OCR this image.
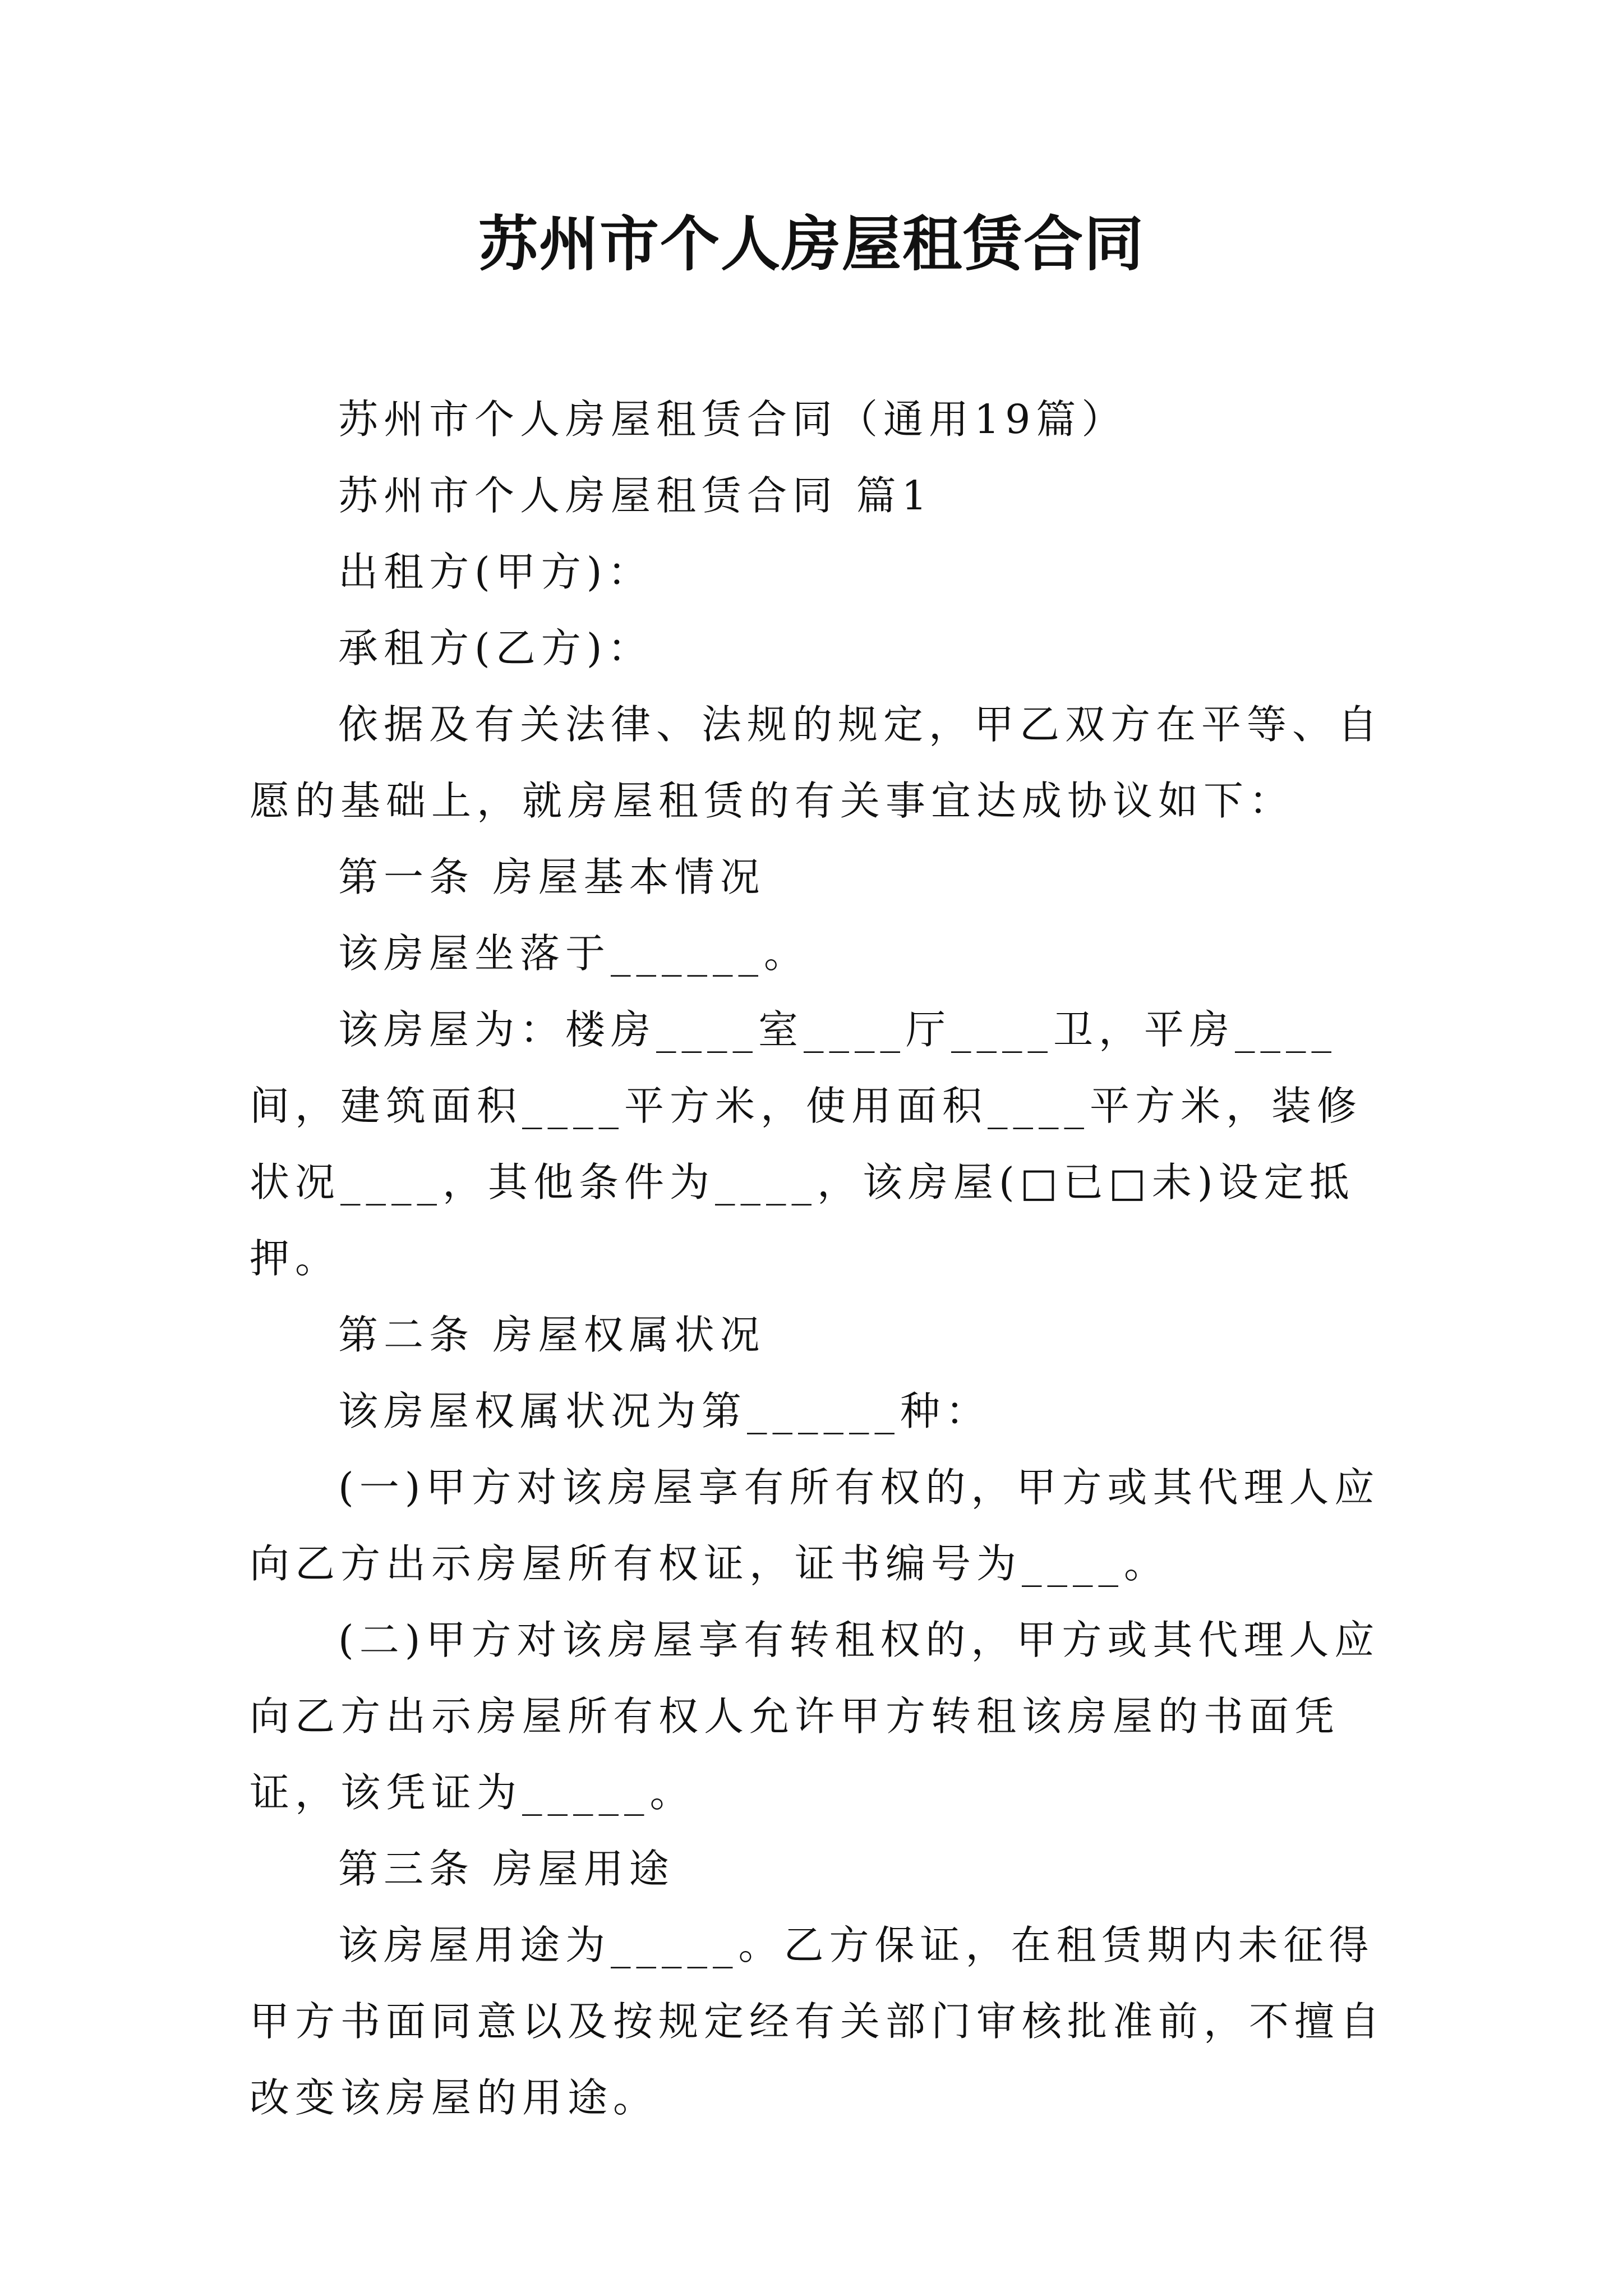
苏州市个人房屋租赁合同

苏州市个人房屋租赁合同（通用19篇）

苏州市个人房屋租赁合同 篇1

出租方(甲方)：

承租方(乙方)：

依据及有关法律、法规的规定，甲乙双方在平等、自愿的基础上，就房屋租赁的有关事宜达成协议如下：

第一条 房屋基本情况

该房屋坐落于______。

该房屋为：楼房____室____厅____卫，平房____间，建筑面积____平方米，使用面积____平方米，装修状况____，其他条件为____，该房屋(□已□未)设定抵押。

第二条 房屋权属状况

该房屋权属状况为第______种：

(一)甲方对该房屋享有所有权的，甲方或其代理人应向乙方出示房屋所有权证，证书编号为____。

(二)甲方对该房屋享有转租权的，甲方或其代理人应向乙方出示房屋所有权人允许甲方转租该房屋的书面凭证，该凭证为_____。

第三条 房屋用途

该房屋用途为_____。乙方保证，在租赁期内未征得甲方书面同意以及按规定经有关部门审核批准前，不擅自改变该房屋的用途。
